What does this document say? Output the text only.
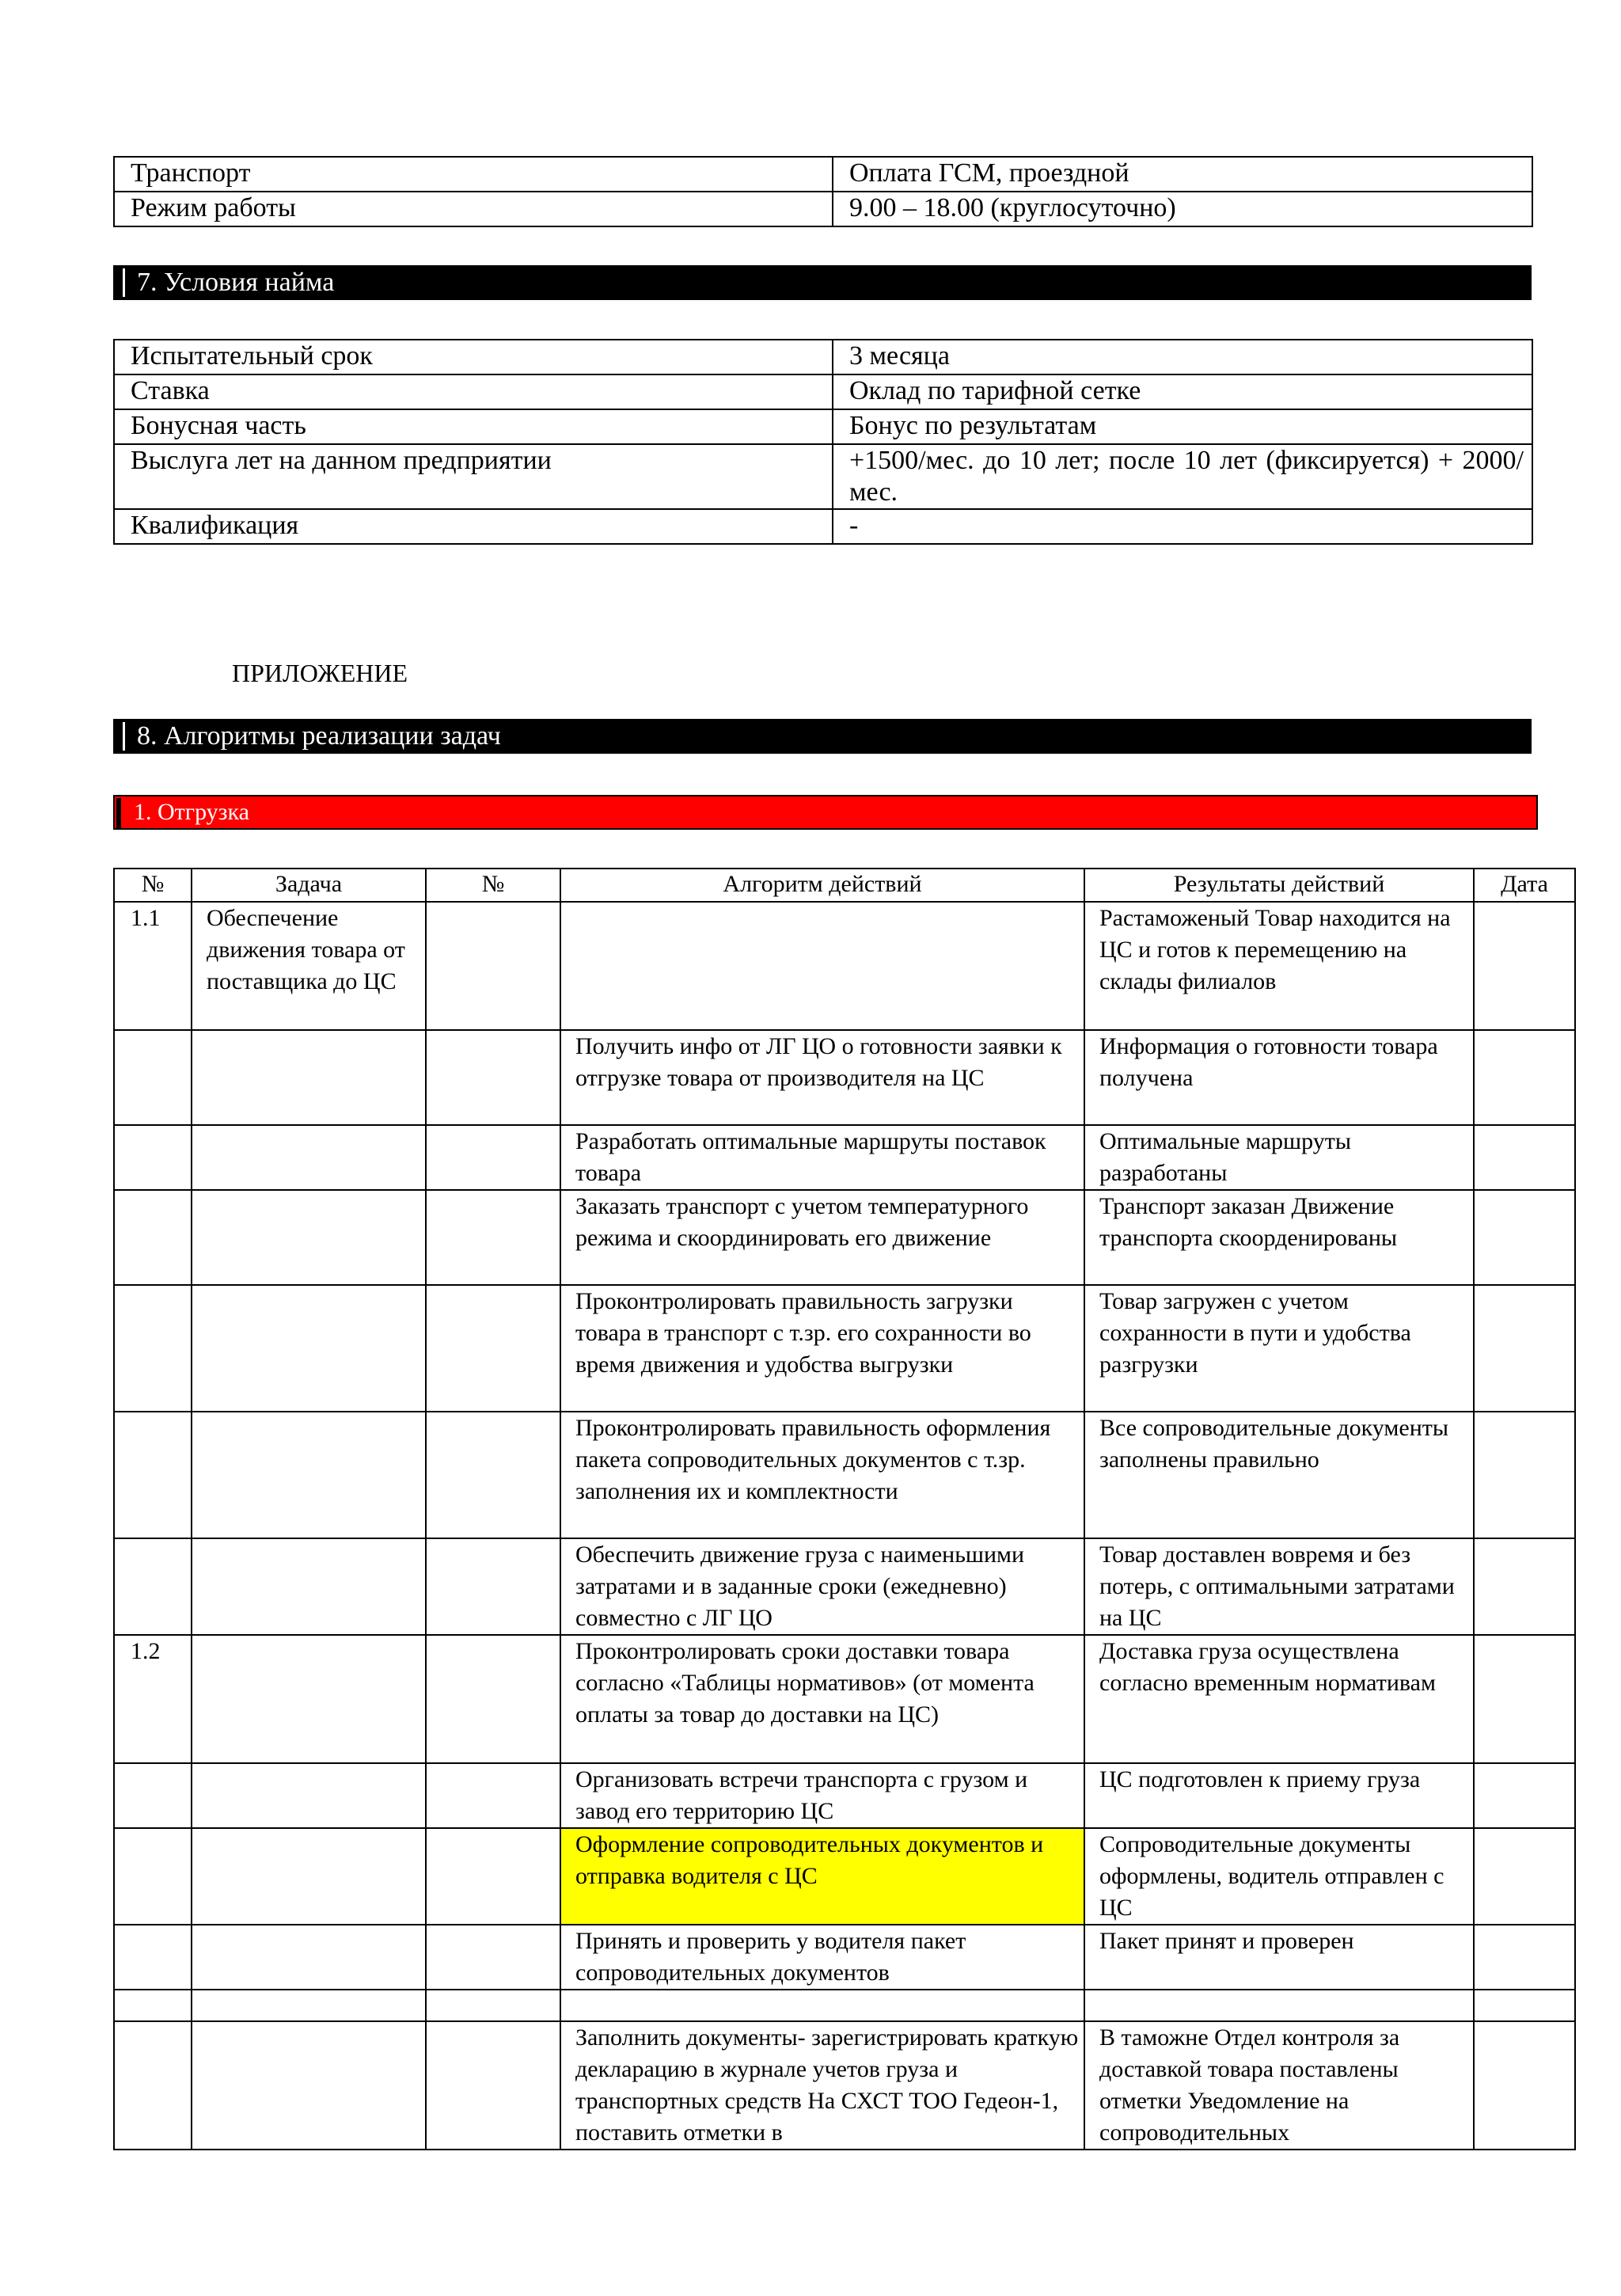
Транспорт	Оплата ГСМ, проездной
Режим работы	9.00 – 18.00 (круглосуточно)
7. Условия найма
Испытательный срок	3 месяца
Ставка	Оклад по тарифной сетке
Бонусная часть	Бонус по результатам
Выслуга лет на данном предприятии	+1500/мес. до 10 лет; после 10 лет (фиксируется) + 2000/мес.
Квалификация	-
ПРИЛОЖЕНИЕ
8. Алгоритмы реализации задач
1. Отгрузка
№	Задача	№	Алгоритм действий	Результаты действий	Дата
1.1	Обеспечение движения товара от поставщика до ЦС			Растаможеный Товар находится на ЦС и готов к перемещению на склады филиалов	
			Получить инфо от ЛГ ЦО о готовности заявки к отгрузке товара от производителя на ЦС	Информация о готовности товара получена	
			Разработать оптимальные маршруты поставок товара	Оптимальные маршруты разработаны	
			Заказать транспорт с учетом температурного режима и скоординировать его движение	Транспорт заказан Движение транспорта скоорденированы	
			Проконтролировать правильность загрузки товара в транспорт с т.зр. его сохранности во время движения и удобства выгрузки	Товар загружен с учетом сохранности в пути и удобства разгрузки	
			Проконтролировать правильность оформления пакета сопроводительных документов с т.зр. заполнения их и комплектности	Все сопроводительные документы заполнены правильно	
			Обеспечить движение груза с наименьшими затратами и в заданные сроки (ежедневно) совместно с ЛГ ЦО	Товар доставлен вовремя и без потерь, с оптимальными затратами на ЦС	
1.2			Проконтролировать сроки доставки товара согласно «Таблицы нормативов» (от момента оплаты за товар до доставки на ЦС)	Доставка груза осуществлена согласно временным нормативам	
			Организовать встречи транспорта с грузом и завод его территорию ЦС	ЦС подготовлен к приему груза	
			Оформление сопроводительных документов и отправка водителя с ЦС	Сопроводительные документы оформлены, водитель отправлен с ЦС	
			Принять и проверить у водителя пакет сопроводительных документов	Пакет принят и проверен	

			Заполнить документы- зарегистрировать краткую декларацию в журнале учетов груза и транспортных средств На СХСТ ТОО Гедеон-1, поставить отметки в	В таможне Отдел контроля за доставкой товара поставлены отметки Уведомление на сопроводительных	
